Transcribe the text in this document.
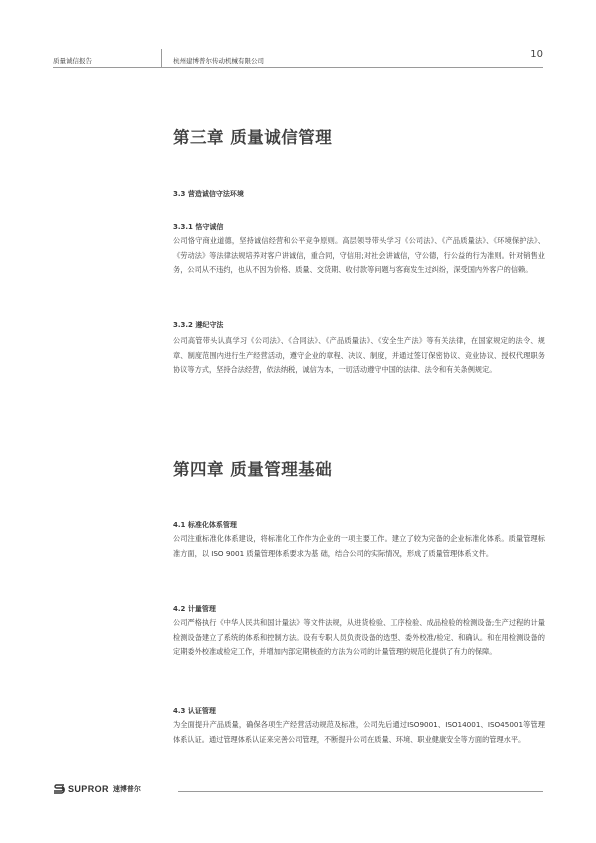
质量诚信报告	杭州建博普尔传动机械有限公司
10
第三章 质量诚信管理
3.3 营造诚信守法环境
3.3.1 恪守诚信

公司恪守商业道德，坚持诚信经营和公平竞争原则。高层领导带头学习《公司法》、《产品质量法》、《环境保护法》、《劳动法》等法律法规培养对客户讲诚信，重合同，守信用;对社会讲诚信，守公德，行公益的行为准则。针对销售业务，公司从不违约，也从不因为价格、质量、交货期、收付款等问题与客商发生过纠纷，深受国内外客户的信赖。

3.3.2 遵纪守法

公司高管带头认真学习《公司法》、《合同法》、《产品质量法》、《安全生产法》等有关法律，在国家规定的法令、规章、制度范围内进行生产经营活动，遵守企业的章程、决议、制度，并通过签订保密协议、竞业协议、授权代理职务协议等方式，坚持合法经营，依法纳税，诚信为本，一切活动遵守中国的法律、法令和有关条例规定。

第四章 质量管理基础
4.1 标准化体系管理

公司注重标准化体系建设，将标准化工作作为企业的一项主要工作。建立了较为完备的企业标准化体系。质量管理标准方面，以 ISO 9001 质量管理体系要求为基 础，结合公司的实际情况，形成了质量管理体系文件。

4.2 计量管理

公司严格执行《中华人民共和国计量法》等文件法规，从进货检验、工序检验、成品检验的检测设备;生产过程的计量检测设备建立了系统的体系和控制方法。设有专职人员负责设备的选型、委外校准/检定、和确认。和在用检测设备的定期委外校准或检定工作，并增加内部定期核查的方法为公司的计量管理的规范化提供了有力的保障。

4.3 认证管理

为全面提升产品质量，确保各项生产经营活动规范及标准，公司先后通过ISO9001、ISO14001、ISO45001等管理体系认证。通过管理体系认证来完善公司管理，不断提升公司在质量、环境、职业健康安全等方面的管理水平。

SUPROR 速博普尔
